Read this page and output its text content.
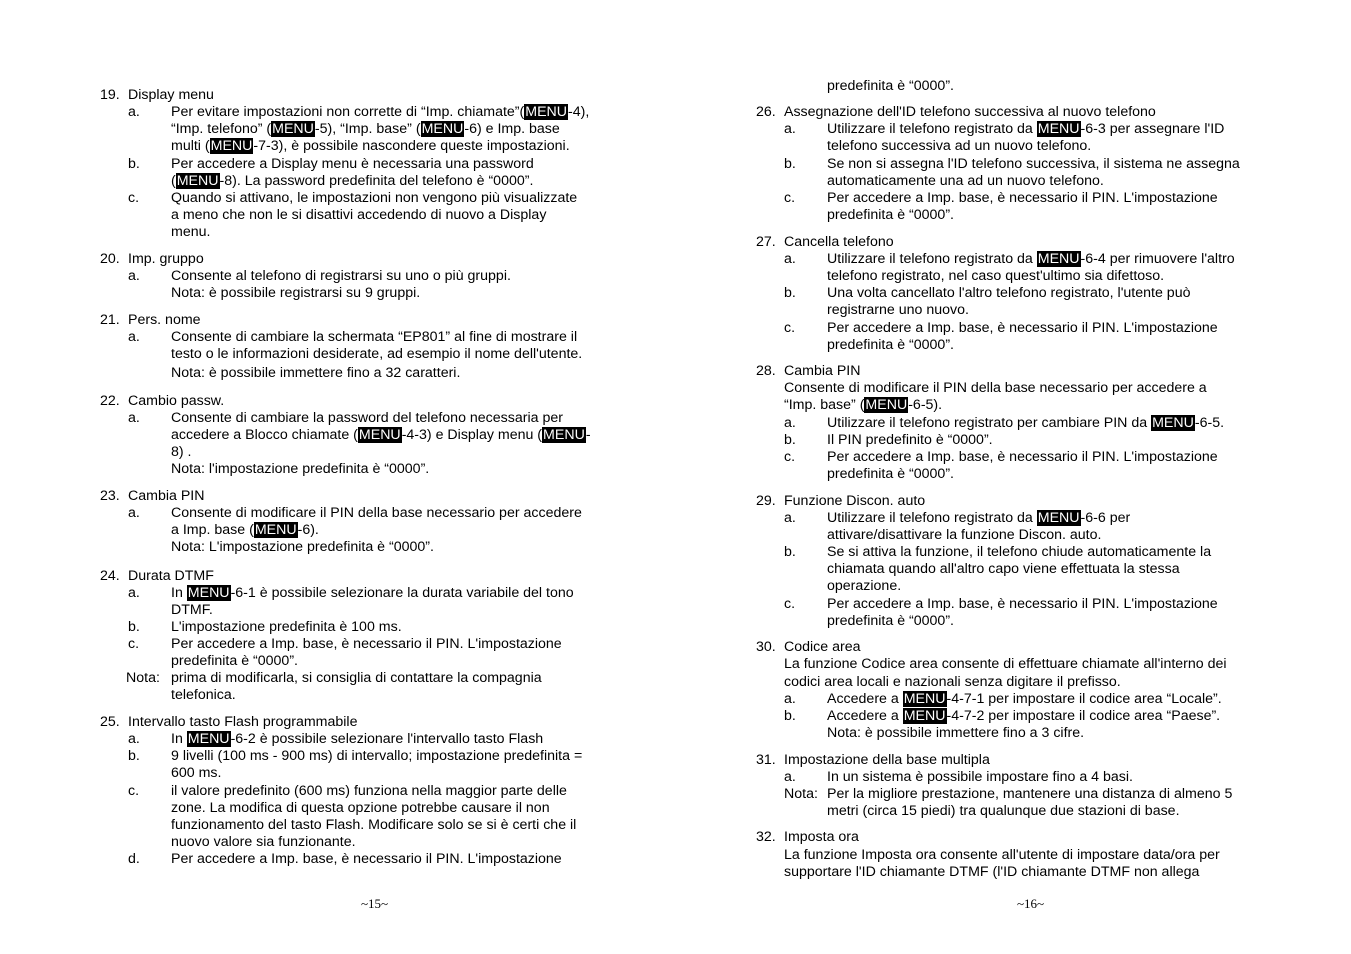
19. Display menu
a. Per evitare impostazioni non corrette di “Imp. chiamate”(MENU-4),
“Imp. telefono” (MENU-5), “Imp. base” (MENU-6) e Imp. base
multi (MENU-7-3), è possibile nascondere queste impostazioni.
b. Per accedere a Display menu è necessaria una password
(MENU-8). La password predefinita del telefono è “0000”.
c. Quando si attivano, le impostazioni non vengono più visualizzate
a meno che non le si disattivi accedendo di nuovo a Display
menu.
20. Imp. gruppo
a. Consente al telefono di registrarsi su uno o più gruppi.
Nota: è possibile registrarsi su 9 gruppi.
21. Pers. nome
a. Consente di cambiare la schermata “EP801” al fine di mostrare il
testo o le informazioni desiderate, ad esempio il nome dell'utente.
Nota: è possibile immettere fino a 32 caratteri.
22. Cambio passw.
a. Consente di cambiare la password del telefono necessaria per
accedere a Blocco chiamate (MENU-4-3) e Display menu (MENU-
8) .
Nota: l'impostazione predefinita è “0000”.
23. Cambia PIN
a. Consente di modificare il PIN della base necessario per accedere
a Imp. base (MENU-6).
Nota: L'impostazione predefinita è “0000”.
24. Durata DTMF
a. In MENU-6-1 è possibile selezionare la durata variabile del tono
DTMF.
b. L'impostazione predefinita è 100 ms.
c. Per accedere a Imp. base, è necessario il PIN. L'impostazione
predefinita è “0000”.
Nota: prima di modificarla, si consiglia di contattare la compagnia
telefonica.
25. Intervallo tasto Flash programmabile
a. In MENU-6-2 è possibile selezionare l'intervallo tasto Flash
b. 9 livelli (100 ms - 900 ms) di intervallo; impostazione predefinita =
600 ms.
c. il valore predefinito (600 ms) funziona nella maggior parte delle
zone. La modifica di questa opzione potrebbe causare il non
funzionamento del tasto Flash. Modificare solo se si è certi che il
nuovo valore sia funzionante.
d. Per accedere a Imp. base, è necessario il PIN. L'impostazione
predefinita è “0000”.
26. Assegnazione dell'ID telefono successiva al nuovo telefono
a. Utilizzare il telefono registrato da MENU-6-3 per assegnare l'ID
telefono successiva ad un nuovo telefono.
b. Se non si assegna l'ID telefono successiva, il sistema ne assegna
automaticamente una ad un nuovo telefono.
c. Per accedere a Imp. base, è necessario il PIN. L'impostazione
predefinita è “0000”.
27. Cancella telefono
a. Utilizzare il telefono registrato da MENU-6-4 per rimuovere l'altro
telefono registrato, nel caso quest'ultimo sia difettoso.
b. Una volta cancellato l'altro telefono registrato, l'utente può
registrarne uno nuovo.
c. Per accedere a Imp. base, è necessario il PIN. L'impostazione
predefinita è “0000”.
28. Cambia PIN
Consente di modificare il PIN della base necessario per accedere a
“Imp. base” (MENU-6-5).
a. Utilizzare il telefono registrato per cambiare PIN da MENU-6-5.
b. Il PIN predefinito è “0000”.
c. Per accedere a Imp. base, è necessario il PIN. L'impostazione
predefinita è “0000”.
29. Funzione Discon. auto
a. Utilizzare il telefono registrato da MENU-6-6 per
attivare/disattivare la funzione Discon. auto.
b. Se si attiva la funzione, il telefono chiude automaticamente la
chiamata quando all'altro capo viene effettuata la stessa
operazione.
c. Per accedere a Imp. base, è necessario il PIN. L'impostazione
predefinita è “0000”.
30. Codice area
La funzione Codice area consente di effettuare chiamate all'interno dei
codici area locali e nazionali senza digitare il prefisso.
a. Accedere a MENU-4-7-1 per impostare il codice area “Locale”.
b. Accedere a MENU-4-7-2 per impostare il codice area “Paese”.
Nota: è possibile immettere fino a 3 cifre.
31. Impostazione della base multipla
a. In un sistema è possibile impostare fino a 4 basi.
Nota: Per la migliore prestazione, mantenere una distanza di almeno 5
metri (circa 15 piedi) tra qualunque due stazioni di base.
32. Imposta ora
La funzione Imposta ora consente all'utente di impostare data/ora per
supportare l'ID chiamante DTMF (l'ID chiamante DTMF non allega
~15~	~16~
